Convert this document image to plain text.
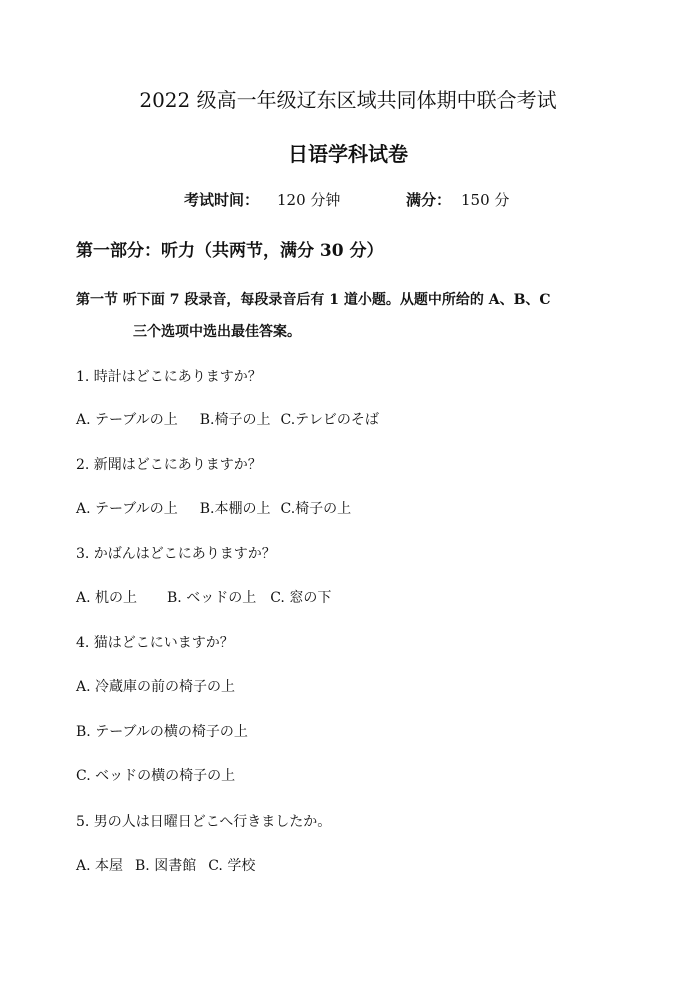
2022 级高一年级辽东区域共同体期中联合考试
日语学科试卷
考试时间： 120 分钟	满分： 150 分
第一部分：听力（共两节，满分 30 分）
第一节 听下面 7 段录音，每段录音后有 1 道小题。从题中所给的 A、B、C
三个选项中选出最佳答案。
1. 時計はどこにありますか？
A. テーブルの上 B.椅子の上 C.テレビのそば
2. 新聞はどこにありますか？
A. テーブルの上 B.本棚の上 C.椅子の上
3. かばんはどこにありますか？
A. 机の上 B. ベッドの上 C. 窓の下
4. 猫はどこにいますか？
A. 冷蔵庫の前の椅子の上
B. テーブルの横の椅子の上
C. ベッドの横の椅子の上
5. 男の人は日曜日どこへ行きましたか。
A. 本屋 B. 図書館 C. 学校
